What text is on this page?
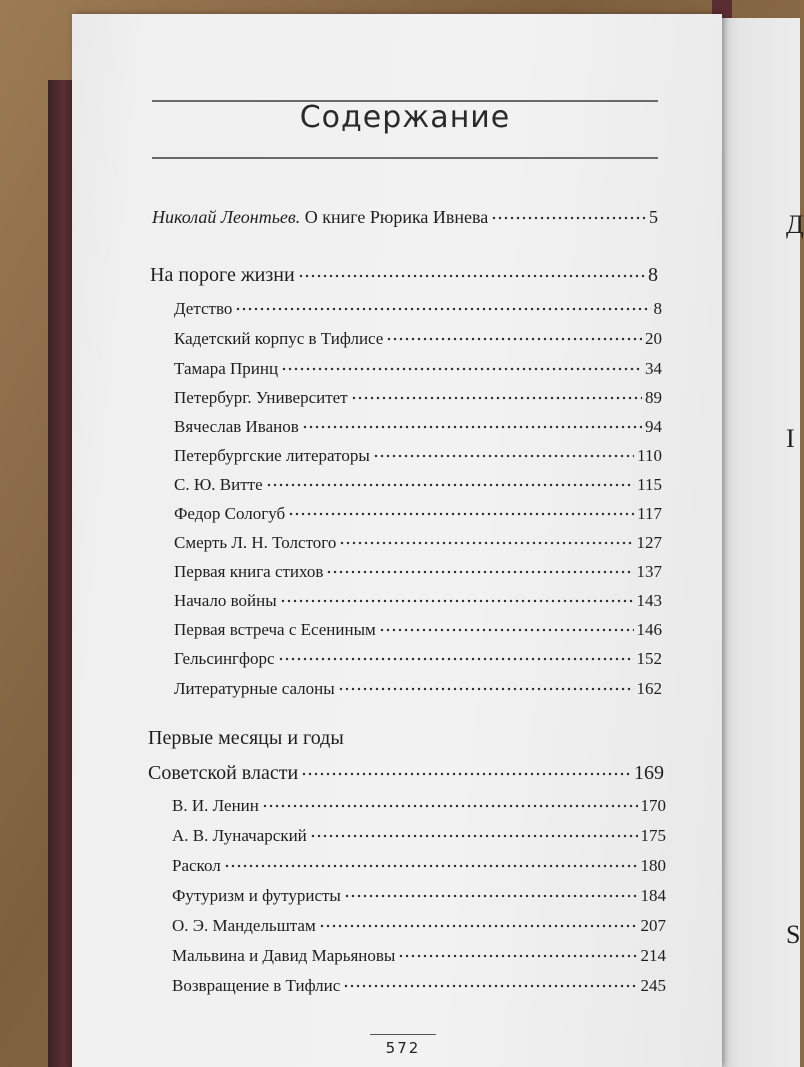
Д
I
S
Содержание
Николай Леонтьев. О книге Рюрика Ивнева	5
На пороге жизни	8
Детство	8
Кадетский корпус в Тифлисе	20
Тамара Принц	34
Петербург. Университет	89
Вячеслав Иванов	94
Петербургские литераторы	110
С. Ю. Витте	115
Федор Сологуб	117
Смерть Л. Н. Толстого	127
Первая книга стихов	137
Начало войны	143
Первая встреча с Есениным	146
Гельсингфорс	152
Литературные салоны	162
Первые месяцы и годы
Советской власти	169
В. И. Ленин	170
А. В. Луначарский	175
Раскол	180
Футуризм и футуристы	184
О. Э. Мандельштам	207
Мальвина и Давид Марьяновы	214
Возвращение в Тифлис	245
572
